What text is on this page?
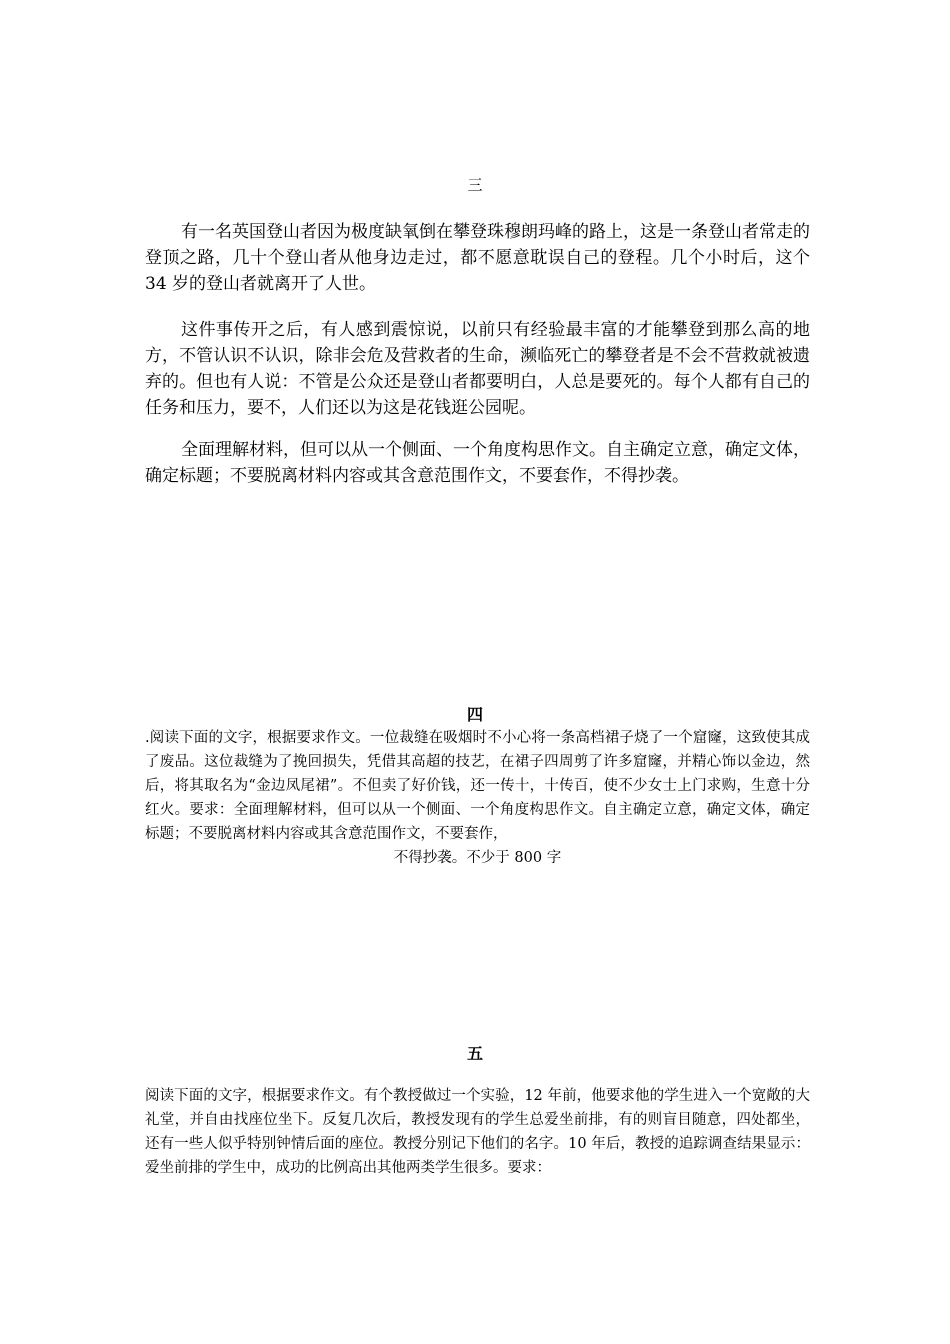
三

有一名英国登山者因为极度缺氧倒在攀登珠穆朗玛峰的路上，这是一条登山者常走的登顶之路，几十个登山者从他身边走过，都不愿意耽误自己的登程。几个小时后，这个 34 岁的登山者就离开了人世。

这件事传开之后，有人感到震惊说，以前只有经验最丰富的才能攀登到那么高的地方，不管认识不认识，除非会危及营救者的生命，濒临死亡的攀登者是不会不营救就被遗弃的。但也有人说：不管是公众还是登山者都要明白，人总是要死的。每个人都有自己的任务和压力，要不，人们还以为这是花钱逛公园呢。

全面理解材料，但可以从一个侧面、一个角度构思作文。自主确定立意，确定文体，确定标题；不要脱离材料内容或其含意范围作文，不要套作，不得抄袭。

四
.阅读下面的文字，根据要求作文。一位裁缝在吸烟时不小心将一条高档裙子烧了一个窟窿，这致使其成了废品。这位裁缝为了挽回损失，凭借其高超的技艺，在裙子四周剪了许多窟窿，并精心饰以金边，然后，将其取名为“金边凤尾裙”。不但卖了好价钱，还一传十，十传百，使不少女士上门求购，生意十分红火。要求：全面理解材料，但可以从一个侧面、一个角度构思作文。自主确定立意，确定文体，确定标题；不要脱离材料内容或其含意范围作文，不要套作，
不得抄袭。不少于 800 字
五
阅读下面的文字，根据要求作文。有个教授做过一个实验，12 年前，他要求他的学生进入一个宽敞的大礼堂，并自由找座位坐下。反复几次后，教授发现有的学生总爱坐前排，有的则盲目随意，四处都坐，还有一些人似乎特别钟情后面的座位。教授分别记下他们的名字。10 年后，教授的追踪调查结果显示：爱坐前排的学生中，成功的比例高出其他两类学生很多。要求：
